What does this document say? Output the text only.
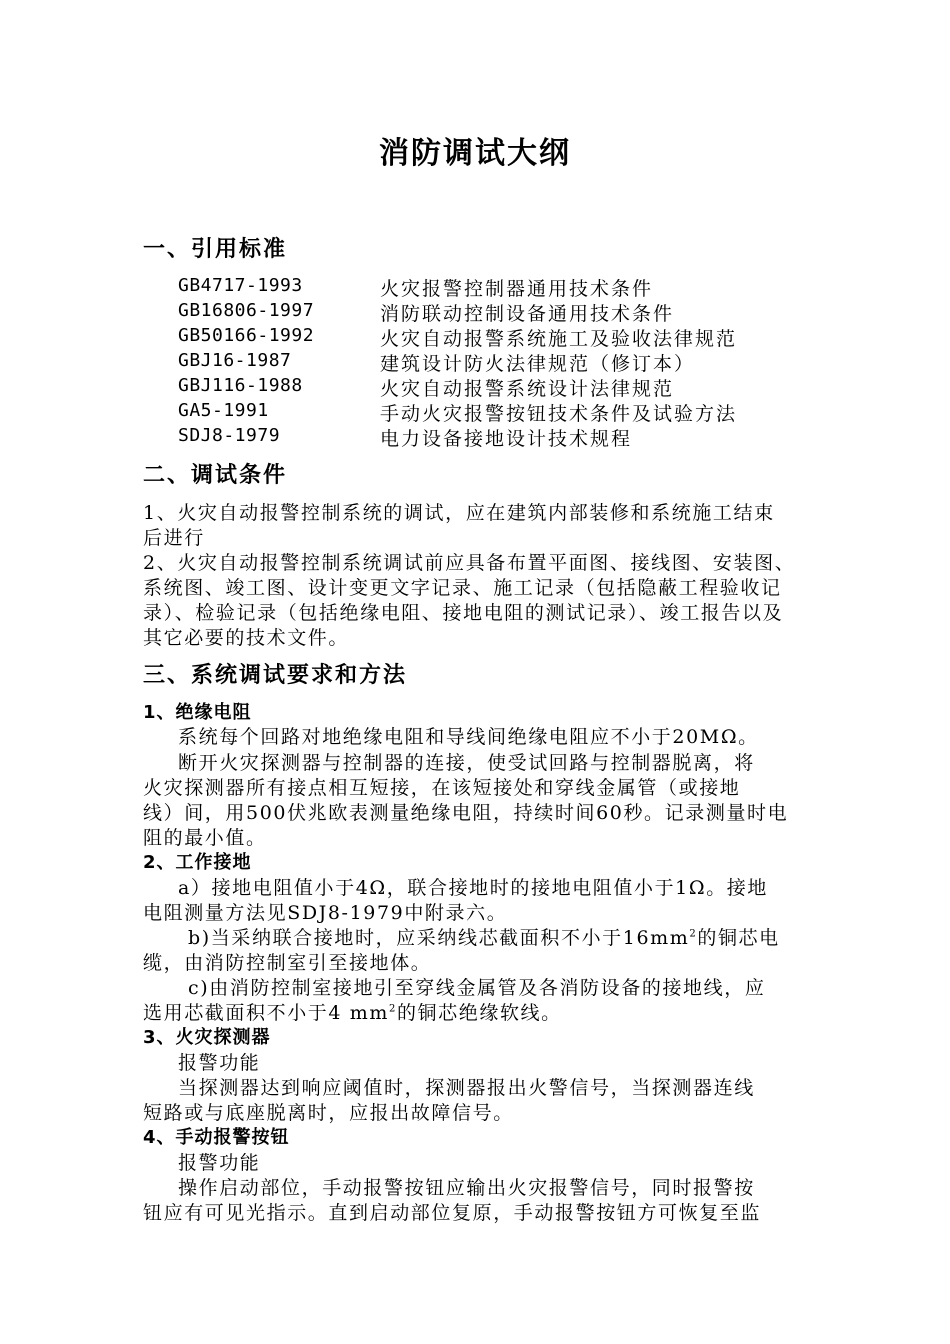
消防调试大纲
一、引用标准
GB4717-1993	火灾报警控制器通用技术条件
GB16806-1997	消防联动控制设备通用技术条件
GB50166-1992	火灾自动报警系统施工及验收法律规范
GBJ16-1987	建筑设计防火法律规范（修订本）
GBJ116-1988	火灾自动报警系统设计法律规范
GA5-1991	手动火灾报警按钮技术条件及试验方法
SDJ8-1979	电力设备接地设计技术规程
二、调试条件
1、火灾自动报警控制系统的调试，应在建筑内部装修和系统施工结束
后进行
2、火灾自动报警控制系统调试前应具备布置平面图、接线图、安装图、
系统图、竣工图、设计变更文字记录、施工记录（包括隐蔽工程验收记
录）、检验记录（包括绝缘电阻、接地电阻的测试记录）、竣工报告以及
其它必要的技术文件。
三、系统调试要求和方法
1、绝缘电阻
系统每个回路对地绝缘电阻和导线间绝缘电阻应不小于20MΩ。
断开火灾探测器与控制器的连接，使受试回路与控制器脱离，将
火灾探测器所有接点相互短接，在该短接处和穿线金属管（或接地
线）间，用500伏兆欧表测量绝缘电阻，持续时间60秒。记录测量时电
阻的最小值。
2、工作接地
a）接地电阻值小于4Ω，联合接地时的接地电阻值小于1Ω。接地
电阻测量方法见SDJ8-1979中附录六。
b)当采纳联合接地时，应采纳线芯截面积不小于$16mm^2$的铜芯电
缆，由消防控制室引至接地体。
c)由消防控制室接地引至穿线金属管及各消防设备的接地线，应
选用芯截面积不小于4 $mm^2$的铜芯绝缘软线。
3、火灾探测器
报警功能
当探测器达到响应阈值时，探测器报出火警信号，当探测器连线
短路或与底座脱离时，应报出故障信号。
4、手动报警按钮
报警功能
操作启动部位，手动报警按钮应输出火灾报警信号，同时报警按
钮应有可见光指示。直到启动部位复原，手动报警按钮方可恢复至监
